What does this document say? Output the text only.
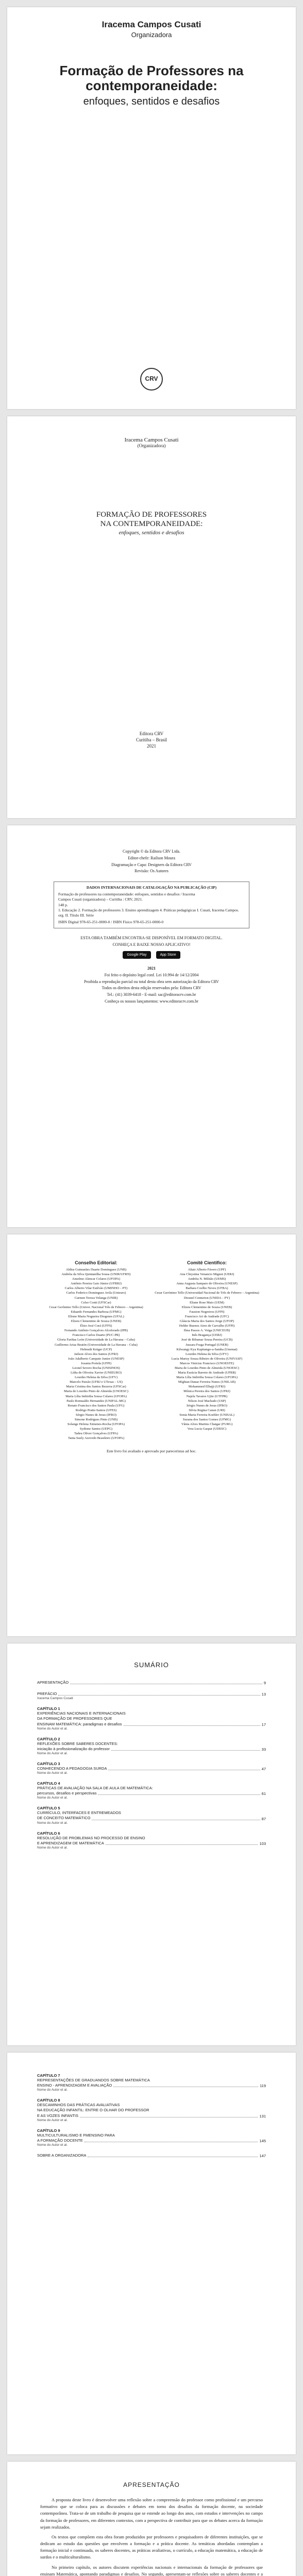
Iracema Campos Cusati
Organizadora
Formação de Professores na contemporaneidade:
enfoques, sentidos e desafios
CRV
Iracema Campos Cusati
(Organizadora)
FORMAÇÃO DE PROFESSORES
NA CONTEMPORANEIDADE:
enfoques, sentidos e desafios
Editora CRV
Curitiba – Brasil
2021

Copyright © da Editora CRV Ltda.

Editor-chefe: Railson Moura

Diagramação e Capa: Designers da Editora CRV

Revisão: Os Autores

DADOS INTERNACIONAIS DE CATALOGAÇÃO NA PUBLICAÇÃO (CIP)
Formação de professores na contemporaneidade: enfoques, sentidos e desafios / Iracema
Campos Cusati (organizadora) – Curitiba : CRV, 2021.
148 p.
1. Educação 2. Formação de professores 3. Ensino aprendizagem 4. Práticas pedagógicas I. Cusati, Iracema Campos. org. II. Título III. Série
ISBN Digital 978-65-251-0000-0 / ISBN Físico 978-65-251-0000-0

ESTA OBRA TAMBÉM ENCONTRA-SE DISPONÍVEL EM FORMATO DIGITAL.

CONHEÇA E BAIXE NOSSO APLICATIVO!

Google Play	App Store

2021

Foi feito o depósito legal conf. Lei 10.994 de 14/12/2004

Proibida a reprodução parcial ou total desta obra sem autorização da Editora CRV

Todos os direitos desta edição reservados pela: Editora CRV

Tel.: (41) 3039-6418 - E-mail: sac@editoracrv.com.br

Conheça os nossos lançamentos: www.editoracrv.com.br

Conselho Editorial:
Aldira Guimarães Duarte Domínguez (UNB)
Andréia da Silva Quintanilha Sousa (UNIR/UFRN)
Anselmo Alencar Colares (UFOPA)
Antônio Pereira Gaio Júnior (UFRRJ)
Carlos Alberto Vilar Estêvão (UMINHO – PT)
Carlos Federico Dominguez Avila (Unieuro)
Carmen Tereza Velanga (UNIR)
Celso Conti (UFSCar)
Cesar Gerônimo Tello (Univer. Nacional Três de Febrero – Argentina)
Eduardo Fernandes Barbosa (UFMG)
Elione Maria Nogueira Diogenes (UFAL)
Elizeu Clementino de Souza (UNEB)
Élsio José Corá (UFFS)
Fernando Antônio Gonçalves Alcoforado (IPB)
Francisco Carlos Duarte (PUC-PR)
Gloria Fariñas León (Universidade de La Havana – Cuba)
Guillermo Arias Beatón (Universidade de La Havana – Cuba)
Helmuth Krüger (UCP)
Jailson Alves dos Santos (UFRJ)
João Adalberto Campato Junior (UNESP)
Josania Portela (UFPI)
Leonel Severo Rocha (UNISINOS)
Lídia de Oliveira Xavier (UNIEURO)
Lourdes Helena da Silva (UFV)
Marcelo Paixão (UFRJ e UTexas – US)
Maria Cristina dos Santos Bezerra (UFSCar)
Maria de Lourdes Pinto de Almeida (UNOESC)
Maria Lília Imbiriba Sousa Colares (UFOPA)
Paulo Romualdo Hernandes (UNIFAL-MG)
Renato Francisco dos Santos Paula (UFG)
Rodrigo Pratte-Santos (UFES)
Sérgio Nunes de Jesus (IFRO)
Simone Rodrigues Pinto (UNB)
Solange Helena Ximenes-Rocha (UFOPA)
Sydione Santos (UEPG)
Tadeu Oliver Gonçalves (UFPA)
Tania Suely Azevedo Brasileiro (UFOPA)
Comitê Científico:
Altair Alberto Fávero (UPF)
Ana Chrystina Venancio Mignot (UERJ)
Andréia N. Militão (UEMS)
Anna Augusta Sampaio de Oliveira (UNESP)
Barbara Coelho Neves (UFBA)
Cesar Gerónimo Tello (Universidad Nacional de Três de Febrero – Argentina)
Diosnel Centurion (UNIDA – PY)
Eliane Rose Maio (UEM)
Elizeu Clementino de Souza (UNEB)
Fauston Negreiros (UFPI)
Francisco Ari de Andrade (UFC)
Gláucia Maria dos Santos Jorge (UFOP)
Helder Buenos Aires de Carvalho (UFPI)
Ilma Passos A. Veiga (UNICEUB)
Inês Bragança (UERJ)
José de Ribamar Sousa Pereira (UCB)
Jussara Fraga Portugal (UNEB)
Kilwangy Kya Kapitango-a-Samba (Unemat)
Lourdes Helena da Silva (UFV)
Lucia Marisy Souza Ribeiro de Oliveira (UNIVASF)
Marcos Vinicius Francisco (UNOESTE)
Maria de Lourdes Pinto de Almeida (UNOESC)
Maria Eurácia Barreto de Andrade (UFRB)
Maria Lília Imbiriba Sousa Colares (UFOPA)
Míghian Danae Ferreira Nunes (UNILAB)
Mohammed Elhajji (UFRJ)
Mônica Pereira dos Santos (UFRJ)
Najela Tavares Ujiie (UTFPR)
Nilson José Machado (USP)
Sérgio Nunes de Jesus (IFRO)
Silvia Regina Canan (URI)
Sonia Maria Ferreira Koehler (UNISAL)
Suzana dos Santos Gomes (UFMG)
Vânia Alves Martins Chaigar (FURG)
Vera Lucia Gaspar (UDESC)
Este livro foi avaliado e aprovado por pareceristas ad hoc.
SUMÁRIO
APRESENTAÇÃO	9
PREFÁCIO	13
Iracema Campos Cusati
CAPÍTULO 1
EXPERIÊNCIAS NACIONAIS E INTERNACIONAIS
DA FORMAÇÃO DE PROFESSORES QUE
ENSINAM MATEMÁTICA: paradigmas e desafios	17
Nome do Autor et al.
CAPÍTULO 2
REFLEXÕES SOBRE SABERES DOCENTES:
iniciação à profissionalização do professor	33
Nome do Autor et al.
CAPÍTULO 3
CONHECENDO A PEDAGOGIA SURDA	47
Nome do Autor et al.
CAPÍTULO 4
PRÁTICAS DE AVALIAÇÃO NA SALA DE AULA DE MATEMÁTICA:
percursos, desafios e perspectivas	61
Nome do Autor et al.
CAPÍTULO 5
CURRÍCULO, INTERFACES E ENTREMEADOS
DE CONCEITO MATEMÁTICO	87
Nome do Autor et al.
CAPÍTULO 6
RESOLUÇÃO DE PROBLEMAS NO PROCESSO DE ENSINO
E APRENDIZAGEM DE MATEMÁTICA	103
Nome do Autor et al.
CAPÍTULO 7
REPRESENTAÇÕES DE GRADUANDOS SOBRE MATEMÁTICA
ENSINO - APRENDIZAGEM E AVALIAÇÃO	119
Nome do Autor et al.
CAPÍTULO 8
DESCAMINHOS DAS PRÁTICAS AVALIATIVAS
NA EDUCAÇÃO INFANTIL: ENTRE O OLHAR DO PROFESSOR
E AS VOZES INFANTIS	131
Nome do Autor et al.
CAPÍTULO 9
MULTICULTURALISMO E FMENSINO PARA
A FORMAÇÃO DOCENTE	145
Nome do Autor et al.
SOBRE A ORGANIZADORA	147
APRESENTAÇÃO

A proposta deste livro é desenvolver uma reflexão sobre a compreensão do professor como profissional e um percurso formativo que se coloca para as discussões e debates em torno dos desafios da formação docente, na sociedade contemporânea. Trata-se de um trabalho de pesquisa que se estende ao longo dos anos, com estudos e intervenções no campo da formação de professores, em diferentes contextos, com a perspectiva de contribuir para que os debates acerca da formação sejam realizados.

Os textos que compõem esta obra foram produzidos por professores e pesquisadores de diferentes instituições, que se dedicam ao estudo das questões que envolvem a formação e a prática docente. As temáticas abordadas contemplam a formação inicial e continuada, os saberes docentes, as práticas avaliativas, o currículo, a educação matemática, a educação de surdos e o multiculturalismo.

No primeiro capítulo, os autores discutem experiências nacionais e internacionais da formação de professores que ensinam Matemática, apontando paradigmas e desafios. No segundo, apresentam-se reflexões sobre os saberes docentes e a
